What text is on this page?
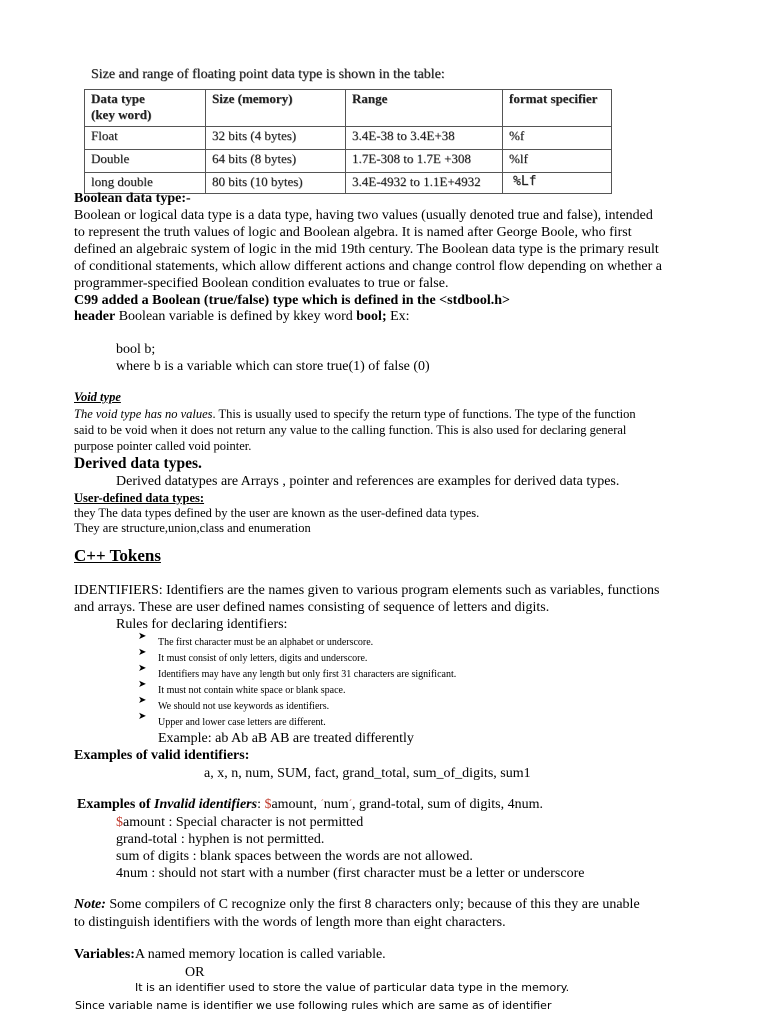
Size and range of floating point data type is shown in the table:
Data type
(key word)	Size (memory)	Range	format specifier
Float	32 bits (4 bytes)	3.4E-38 to 3.4E+38	%f
Double	64 bits (8 bytes)	1.7E-308 to 1.7E +308	%lf
long double	80 bits (10 bytes)	3.4E-4932 to 1.1E+4932	%Lf
Boolean data type:-
Boolean or logical data type is a data type, having two values (usually denoted true and false), intended
to represent the truth values of logic and Boolean algebra. It is named after George Boole, who first
defined an algebraic system of logic in the mid 19th century. The Boolean data type is the primary result
of conditional statements, which allow different actions and change control flow depending on whether a
programmer-specified Boolean condition evaluates to true or false.
C99 added a Boolean (true/false) type which is defined in the <stdbool.h>
header Boolean variable is defined by kkey word bool; Ex:
bool b;
where b is a variable which can store true(1) of false (0)
Void type
The void type has no values. This is usually used to specify the return type of functions. The type of the function
said to be void when it does not return any value to the calling function. This is also used for declaring general
purpose pointer called void pointer.
Derived data types.
Derived datatypes are Arrays , pointer and references are examples for derived data types.
User-defined data types:
they The data types defined by the user are known as the user-defined data types.
They are structure,union,class and enumeration
C++ Tokens
IDENTIFIERS: Identifiers are the names given to various program elements such as variables, functions
and arrays. These are user defined names consisting of sequence of letters and digits.
Rules for declaring identifiers:
➤
The first character must be an alphabet or underscore.
➤
It must consist of only letters, digits and underscore.
➤
Identifiers may have any length but only first 31 characters are significant.
➤
It must not contain white space or blank space.
➤
We should not use keywords as identifiers.
➤
Upper and lower case letters are different.
Example: ab Ab aB AB are treated differently
Examples of valid identifiers:
a, x, n, num, SUM, fact, grand_total, sum_of_digits, sum1
Examples of Invalid identifiers: $amount, ´num´, grand-total, sum of digits, 4num.
$amount : Special character is not permitted
grand-total : hyphen is not permitted.
sum of digits : blank spaces between the words are not allowed.
4num : should not start with a number (first character must be a letter or underscore
Note: Some compilers of C recognize only the first 8 characters only; because of this they are unable
to distinguish identifiers with the words of length more than eight characters.
Variables:A named memory location is called variable.
OR
It is an identifier used to store the value of particular data type in the memory.
Since variable name is identifier we use following rules which are same as of identifier
